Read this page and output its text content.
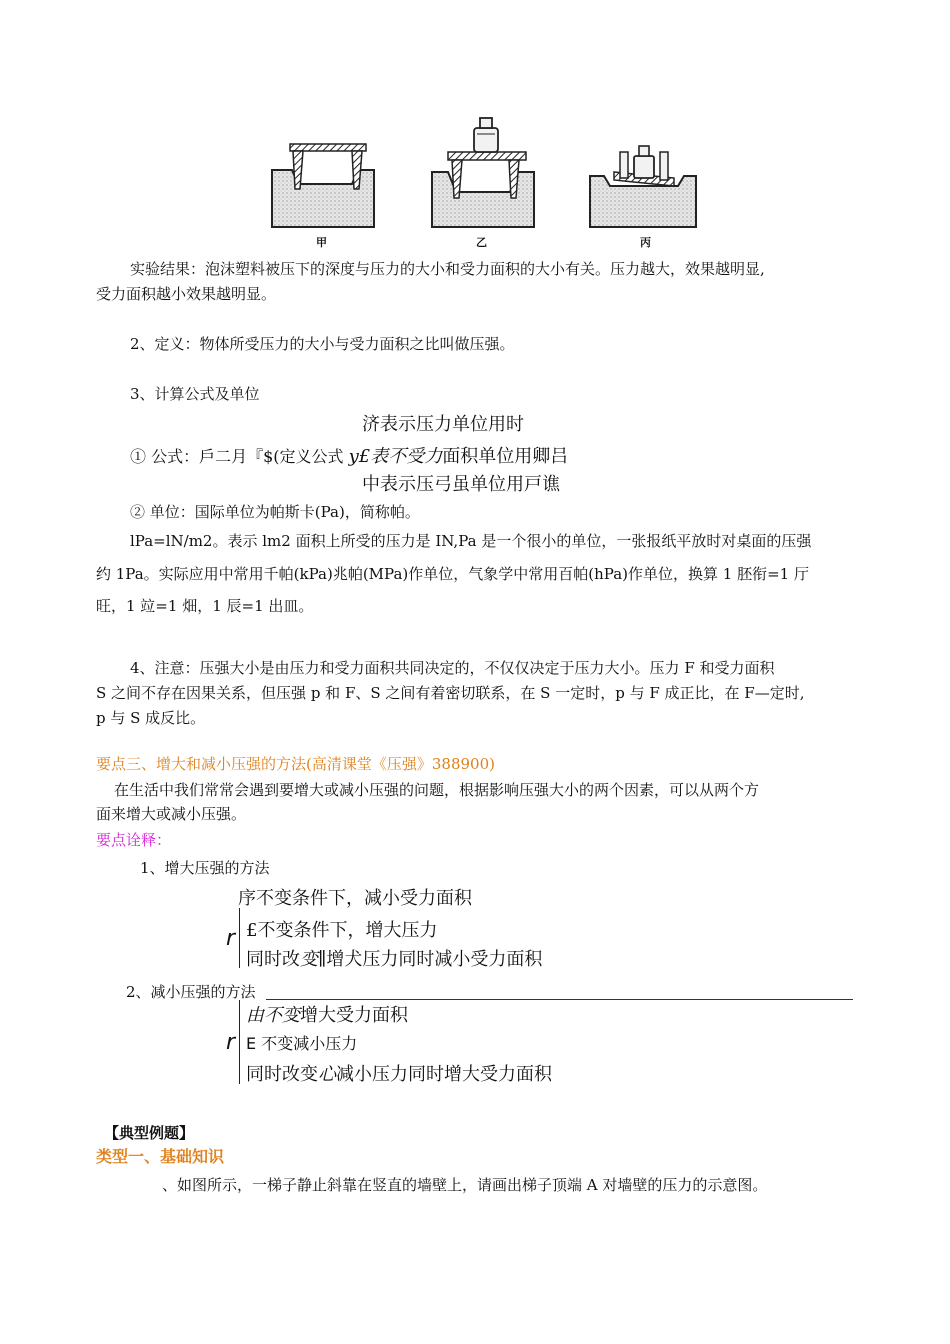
甲	乙	丙
实验结果：泡沫塑料被压下的深度与压力的大小和受力面积的大小有关。压力越大，效果越明显,
受力面积越小效果越明显。
2、定义：物体所受压力的大小与受力面积之比叫做压强。
3、计算公式及单位
济表示压力单位用时
① 公式：戶二月『$(定义公式 y£表不受力面积单位用卿吕
中表示压弓虽单位用戸谯
② 单位：国际单位为帕斯卡(Pa)，简称帕。
lPa=lN/m2。表示 lm2 面积上所受的压力是 IN,Pa 是一个很小的单位，一张报纸平放时对桌面的压强
约 1Pa。实际应用中常用千帕(kPa)兆帕(MPa)作单位，气象学中常用百帕(hPa)作单位，换算 1 胚衔=1 厅
旺，1 竝=1 畑，1 辰=1 出皿。
4、注意：压强大小是由压力和受力面积共同决定的，不仅仅决定于压力大小。压力 F 和受力面积
S 之间不存在因果关系，但压强 p 和 F、S 之间有着密切联系，在 S 一定时，p 与 F 成正比，在 F—定时,
p 与 S 成反比。
要点三、增大和减小压强的方法(高清课堂《压强》388900)
在生活中我们常常会遇到要增大或减小压强的问题，根据影响压强大小的两个因素，可以从两个方
面来增大或减小压强。
要点诠释：
1、增大压强的方法
序不变条件下，减小受力面积
r £不变条件下，增大压力
同时改变∥增犬压力同时减小受力面积
2、减小压强的方法
由不变增大受力面积
r E 不变减小压力
同时改变心减小压力同时增大受力面积
【典型例题】
类型一、基础知识
、如图所示，一梯子静止斜靠在竖直的墙壁上，请画出梯子顶端 A 对墙壁的压力的示意图。
